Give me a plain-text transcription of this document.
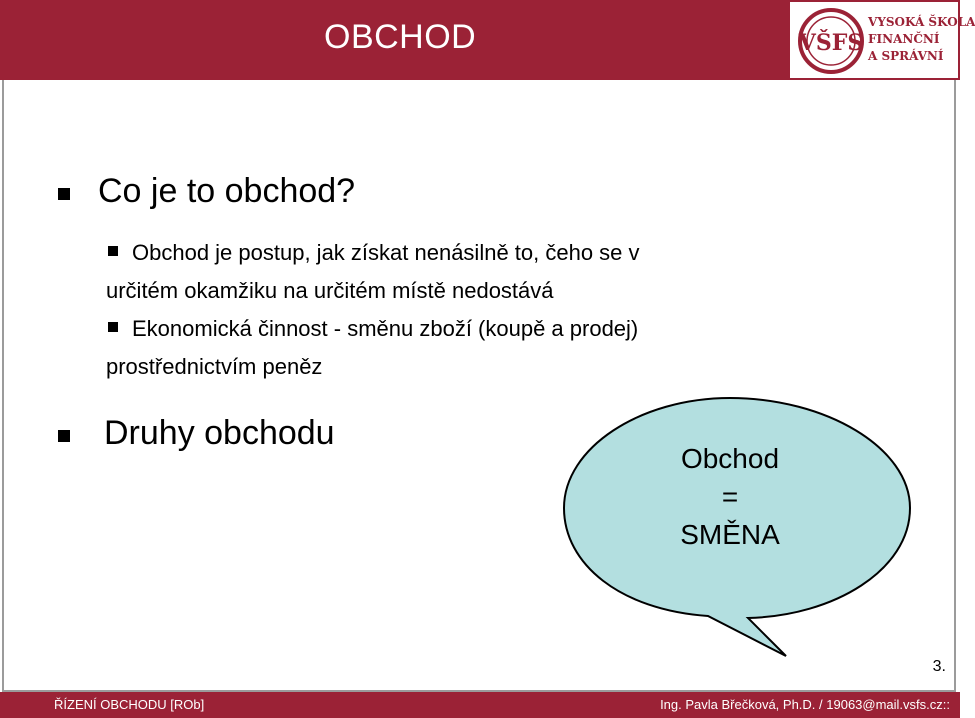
OBCHOD	VŠFS
VYSOKÁ ŠKOLA
FINANČNÍ
A SPRÁVNÍ
Co je to obchod?
Obchod je postup, jak získat nenásilně to, čeho se v
určitém okamžiku na určitém místě nedostává
Ekonomická činnost - směnu zboží (koupě a prodej)
prostřednictvím peněz
Druhy obchodu
Obchod
=
SMĚNA
3.
ŘÍZENÍ OBCHODU [ROb]	Ing. Pavla Břečková, Ph.D. / 19063@mail.vsfs.cz::
